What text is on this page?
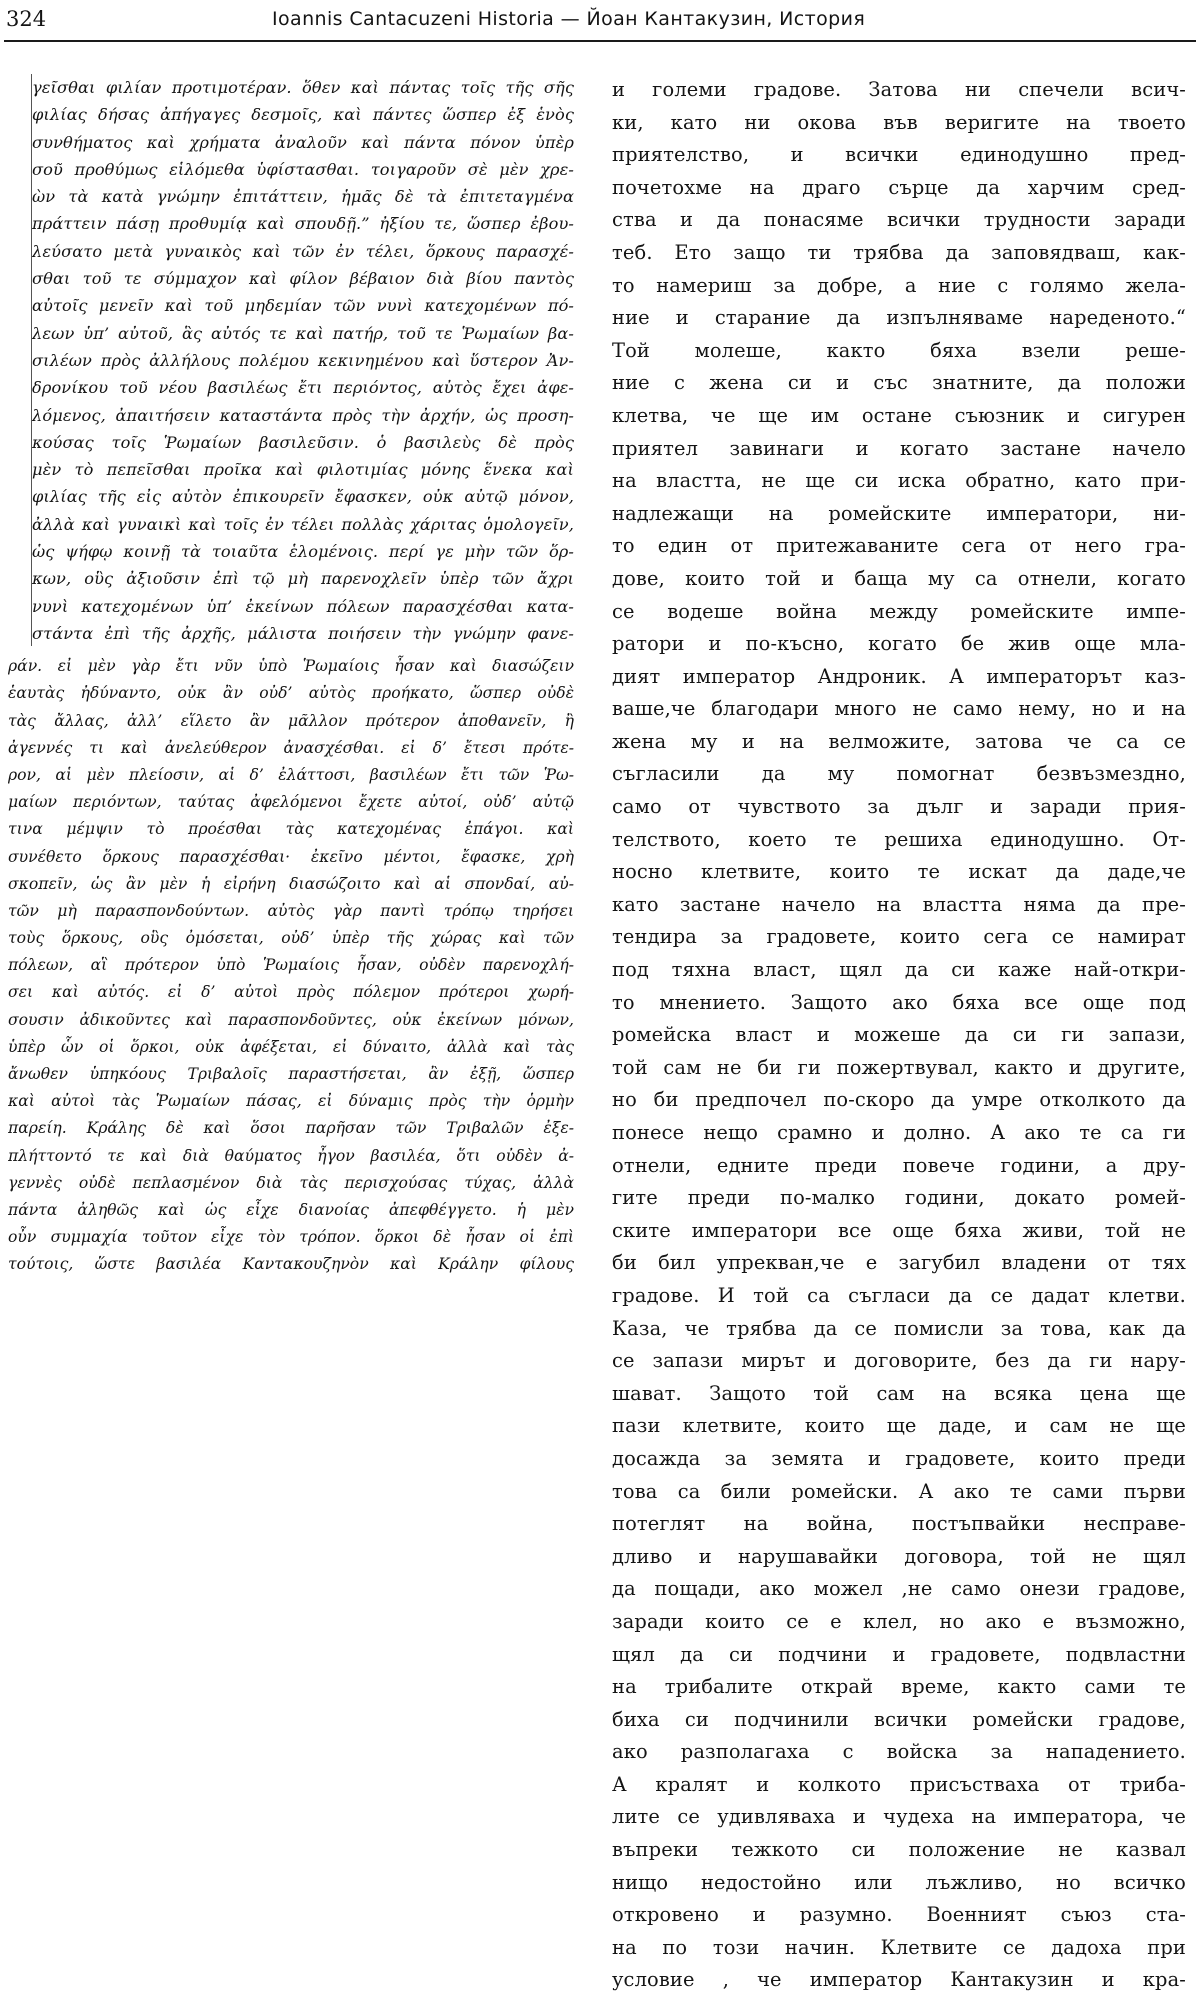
324	Ioannis Cantacuzeni Historia — Йоан Кантакузин, История
γεῖσθαι φιλίαν προτιμοτέραν. ὅθεν καὶ πάντας τοῖς τῆς σῆς
φιλίας δήσας ἀπήγαγες δεσμοῖς, καὶ πάντες ὥσπερ ἐξ ἑνὸς
συνθήματος καὶ χρήματα ἀναλοῦν καὶ πάντα πόνον ὑπὲρ
σοῦ προθύμως εἱλόμεθα ὑφίστασθαι. τοιγαροῦν σὲ μὲν χρε-
ὼν τὰ κατὰ γνώμην ἐπιτάττειν, ἡμᾶς δὲ τὰ ἐπιτεταγμένα
πράττειν πάσῃ προθυμίᾳ καὶ σπουδῇ.” ἠξίου τε, ὥσπερ ἐβου-
λεύσατο μετὰ γυναικὸς καὶ τῶν ἐν τέλει, ὅρκους παρασχέ-
σθαι τοῦ τε σύμμαχον καὶ φίλον βέβαιον διὰ βίου παντὸς
αὐτοῖς μενεῖν καὶ τοῦ μηδεμίαν τῶν νυνὶ κατεχομένων πό-
λεων ὑπ’ αὐτοῦ, ἃς αὐτός τε καὶ πατήρ, τοῦ τε Ῥωμαίων βα-
σιλέων πρὸς ἀλλήλους πολέμου κεκινημένου καὶ ὕστερον Ἀν-
δρονίκου τοῦ νέου βασιλέως ἔτι περιόντος, αὐτὸς ἔχει ἀφε-
λόμενος, ἀπαιτήσειν καταστάντα πρὸς τὴν ἀρχήν, ὡς προση-
κούσας τοῖς Ῥωμαίων βασιλεῦσιν. ὁ βασιλεὺς δὲ πρὸς
μὲν τὸ πεπεῖσθαι προῖκα καὶ φιλοτιμίας μόνης ἕνεκα καὶ
φιλίας τῆς εἰς αὐτὸν ἐπικουρεῖν ἔφασκεν, οὐκ αὐτῷ μόνον,
ἀλλὰ καὶ γυναικὶ καὶ τοῖς ἐν τέλει πολλὰς χάριτας ὁμολογεῖν,
ὡς ψήφῳ κοινῇ τὰ τοιαῦτα ἑλομένοις. περί γε μὴν τῶν ὅρ-
κων, οὓς ἀξιοῦσιν ἐπὶ τῷ μὴ παρενοχλεῖν ὑπὲρ τῶν ἄχρι
νυνὶ κατεχομένων ὑπ’ ἐκείνων πόλεων παρασχέσθαι κατα-
στάντα ἐπὶ τῆς ἀρχῆς, μάλιστα ποιήσειν τὴν γνώμην φανε-
ράν. εἰ μὲν γὰρ ἔτι νῦν ὑπὸ Ῥωμαίοις ἦσαν καὶ διασώζειν
ἑαυτὰς ἠδύναντο, οὐκ ἂν οὐδ’ αὐτὸς προήκατο, ὥσπερ οὐδὲ
τὰς ἄλλας, ἀλλ’ εἵλετο ἂν μᾶλλον πρότερον ἀποθανεῖν, ἢ
ἀγεννές τι καὶ ἀνελεύθερον ἀνασχέσθαι. εἰ δ’ ἔτεσι πρότε-
ρον, αἱ μὲν πλείοσιν, αἱ δ’ ἐλάττοσι, βασιλέων ἔτι τῶν Ῥω-
μαίων περιόντων, ταύτας ἀφελόμενοι ἔχετε αὐτοί, οὐδ’ αὐτῷ
τινα μέμψιν τὸ προέσθαι τὰς κατεχομένας ἐπάγοι. καὶ
συνέθετο ὅρκους παρασχέσθαι· ἐκεῖνο μέντοι, ἔφασκε, χρὴ
σκοπεῖν, ὡς ἂν μὲν ἡ εἰρήνη διασώζοιτο καὶ αἱ σπονδαί, αὐ-
τῶν μὴ παρασπονδούντων. αὐτὸς γὰρ παντὶ τρόπῳ τηρήσει
τοὺς ὅρκους, οὓς ὀμόσεται, οὐδ’ ὑπὲρ τῆς χώρας καὶ τῶν
πόλεων, αἳ πρότερον ὑπὸ Ῥωμαίοις ἦσαν, οὐδὲν παρενοχλή-
σει καὶ αὐτός. εἰ δ’ αὐτοὶ πρὸς πόλεμον πρότεροι χωρή-
σουσιν ἀδικοῦντες καὶ παρασπονδοῦντες, οὐκ ἐκείνων μόνων,
ὑπὲρ ὧν οἱ ὅρκοι, οὐκ ἀφέξεται, εἰ δύναιτο, ἀλλὰ καὶ τὰς
ἄνωθεν ὑπηκόους Τριβαλοῖς παραστήσεται, ἂν ἐξῇ, ὥσπερ
καὶ αὐτοὶ τὰς Ῥωμαίων πάσας, εἰ δύναμις πρὸς τὴν ὁρμὴν
παρείη. Κράλης δὲ καὶ ὅσοι παρῆσαν τῶν Τριβαλῶν ἐξε-
πλήττοντό τε καὶ διὰ θαύματος ἦγον βασιλέα, ὅτι οὐδὲν ἀ-
γεννὲς οὐδὲ πεπλασμένον διὰ τὰς περισχούσας τύχας, ἀλλὰ
πάντα ἀληθῶς καὶ ὡς εἶχε διανοίας ἀπεφθέγγετο. ἡ μὲν
οὖν συμμαχία τοῦτον εἶχε τὸν τρόπον. ὅρκοι δὲ ἦσαν οἱ ἐπὶ
τούτοις, ὥστε βασιλέα Καντακουζηνὸν καὶ Κράλην φίλους
и големи градове. Затова ни спечели всич-
ки, като ни окова във веригите на твоето
приятелство, и всички единодушно пред-
почетохме на драго сърце да харчим сред-
ства и да понасяме всички трудности заради
теб. Ето защо ти трябва да заповядваш, как-
то намериш за добре, а ние с голямо жела-
ние и старание да изпълняваме нареденото.“
Той молеше, както бяха взели реше-
ние с жена си и със знатните, да положи
клетва, че ще им остане съюзник и сигурен
приятел завинаги и когато застане начело
на властта, не ще си иска обратно, като при-
надлежащи на ромейските императори, ни-
то един от притежаваните сега от него гра-
дове, които той и баща му са отнели, когато
се водеше война между ромейските импе-
ратори и по-късно, когато бе жив още мла-
дият император Андроник. А императорът каз-
ваше,че благодари много не само нему, но и на
жена му и на велможите, затова че са се
съгласили да му помогнат безвъзмездно,
само от чувството за дълг и заради прия-
телството, което те решиха единодушно. От-
носно клетвите, които те искат да даде,че
като застане начело на властта няма да пре-
тендира за градовете, които сега се намират
под тяхна власт, щял да си каже най-откри-
то мнението. Защото ако бяха все още под
ромейска власт и можеше да си ги запази,
той сам не би ги пожертвувал, както и другите,
но би предпочел по-скоро да умре отколкото да
понесе нещо срамно и долно. А ако те са ги
отнели, едните преди повече години, а дру-
гите преди по-малко години, докато ромей-
ските императори все още бяха живи, той не
би бил упрекван,че е загубил владени от тях
градове. И той са съгласи да се дадат клетви.
Каза, че трябва да се помисли за това, как да
се запази мирът и договорите, без да ги нару-
шават. Защото той сам на всяка цена ще
пази клетвите, които ще даде, и сам не ще
досажда за земята и градовете, които преди
това са били ромейски. А ако те сами първи
потеглят на война, постъпвайки несправе-
дливо и нарушавайки договора, той не щял
да пощади, ако можел ,не само онези градове,
заради които се е клел, но ако е възможно,
щял да си подчини и градовете, подвластни
на трибалите открай време, както сами те
биха си подчинили всички ромейски градове,
ако разполагаха с войска за нападението.
А кралят и колкото присъстваха от триба-
лите се удивляваха и чудеха на императора, че
въпреки тежкото си положение не казвал
нищо недостойно или лъжливо, но всичко
откровено и разумно. Военният съюз ста-
на по този начин. Клетвите се дадоха при
условие , че император Кантакузин и кра-
